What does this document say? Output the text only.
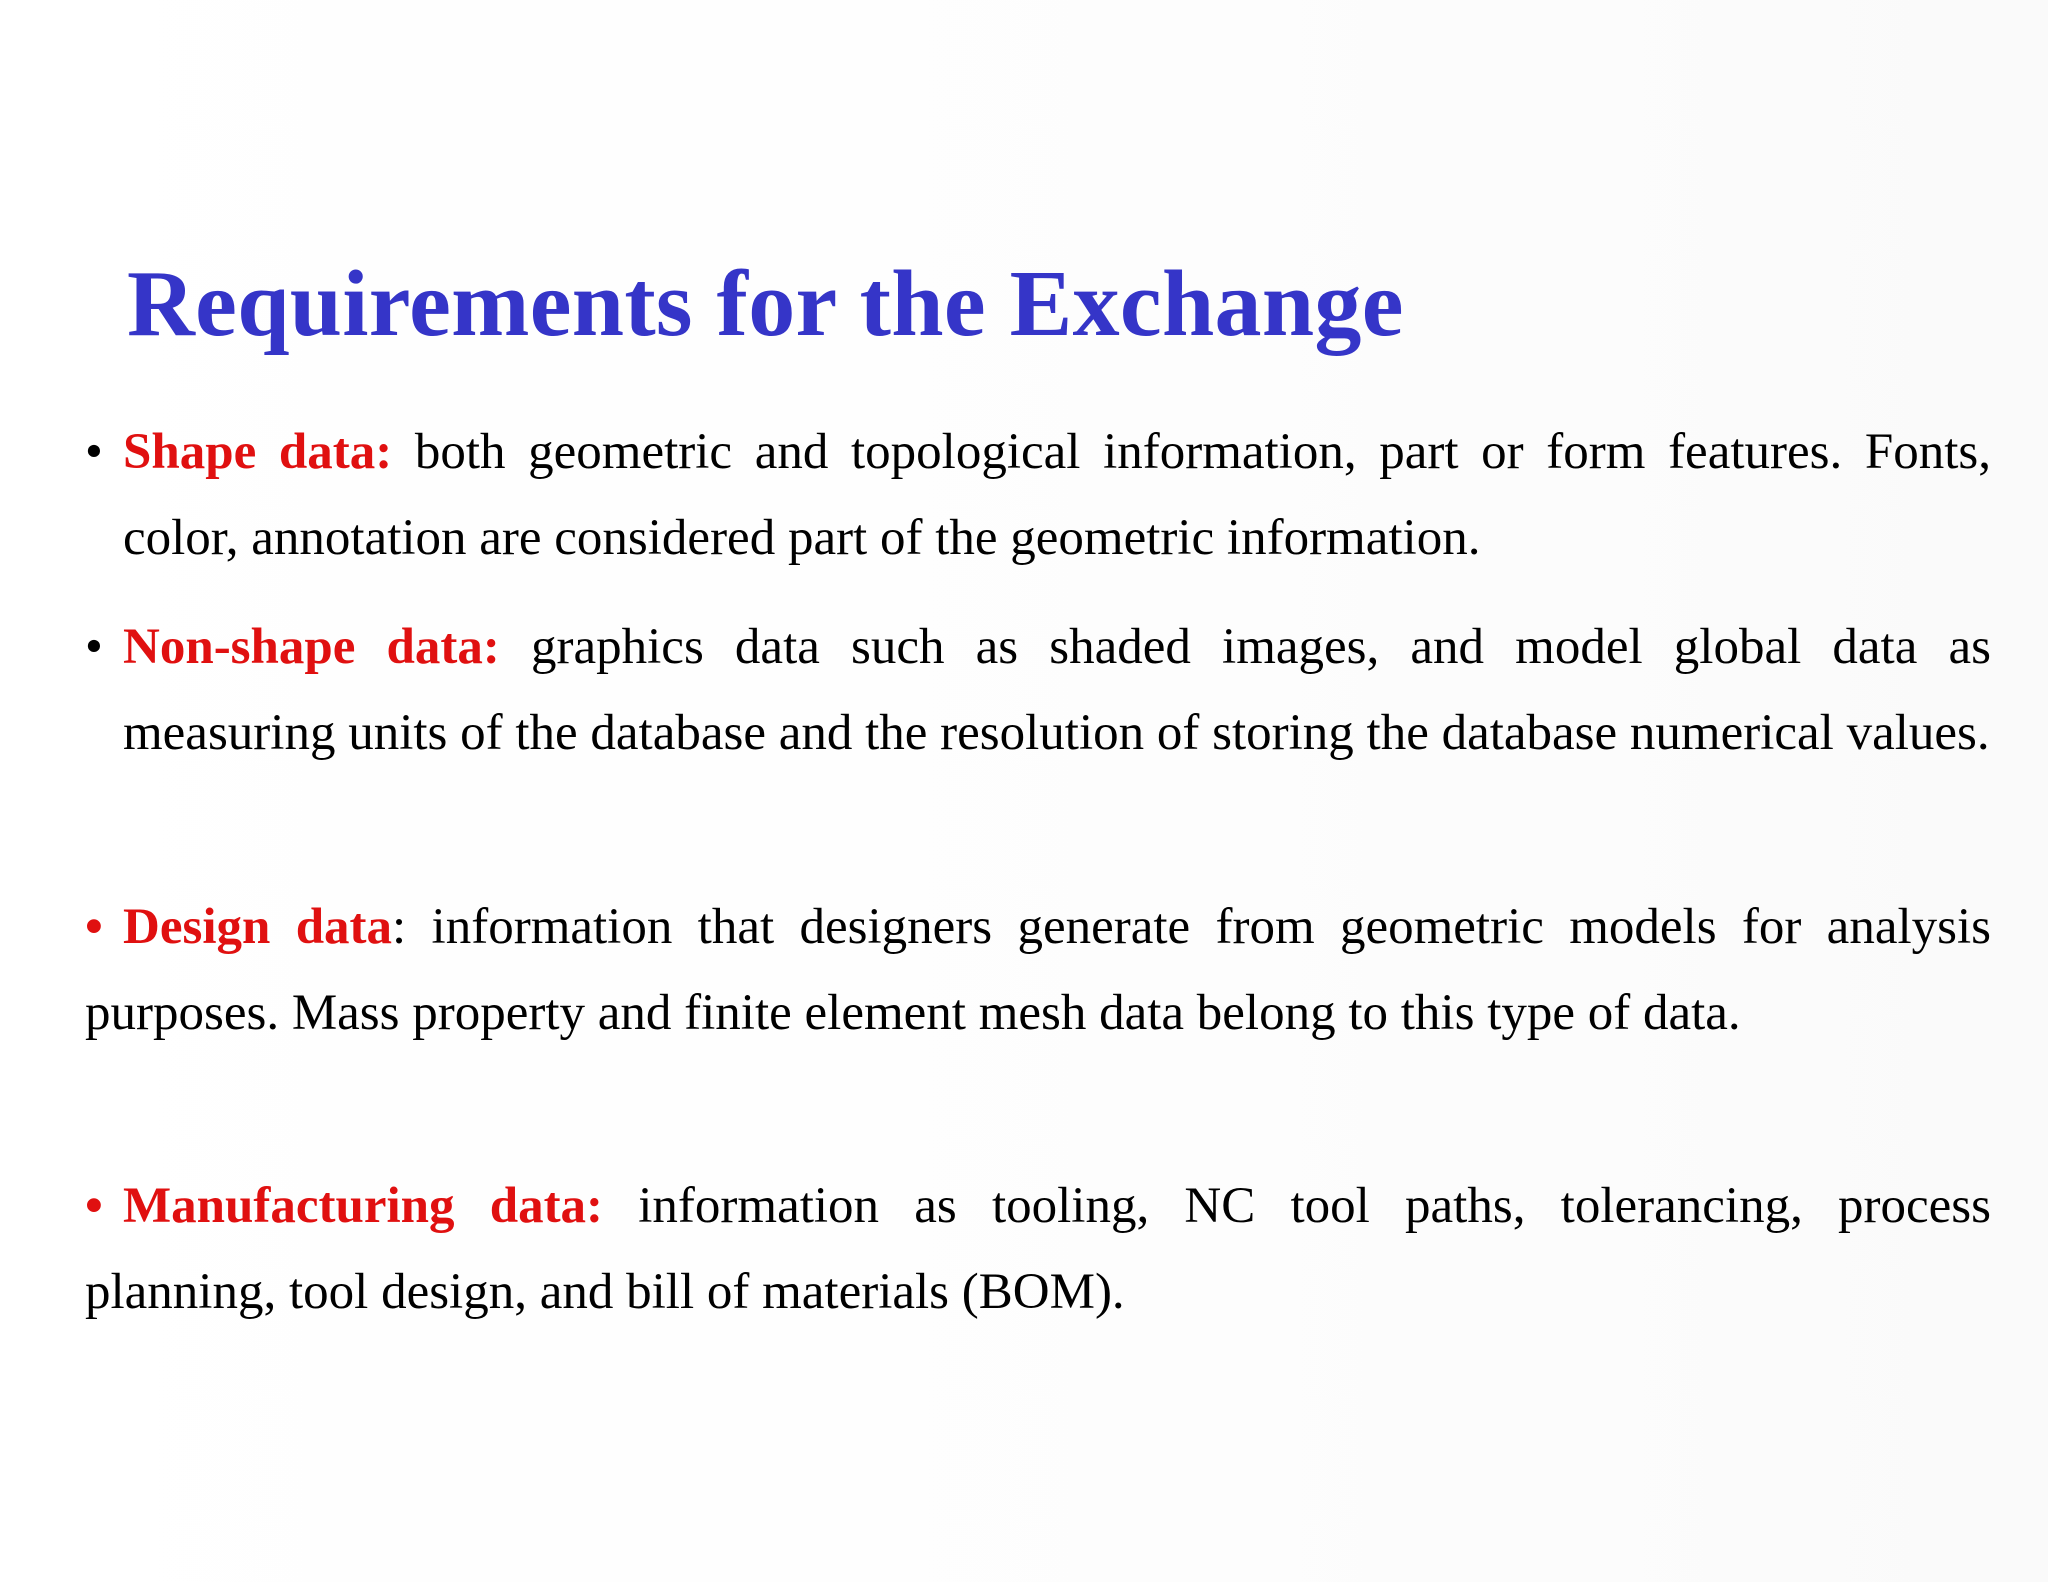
Requirements for the Exchange

• Shape data: both geometric and topological information, part or form features. Fonts, color, annotation are considered part of the geometric information.

• Non-shape data: graphics data such as shaded images, and model global data as measuring units of the database and the resolution of storing the database numerical values.

• Design data: information that designers generate from geometric models for analysis purposes. Mass property and finite element mesh data belong to this type of data.

• Manufacturing data: information as tooling, NC tool paths, tolerancing, process planning, tool design, and bill of materials (BOM).
